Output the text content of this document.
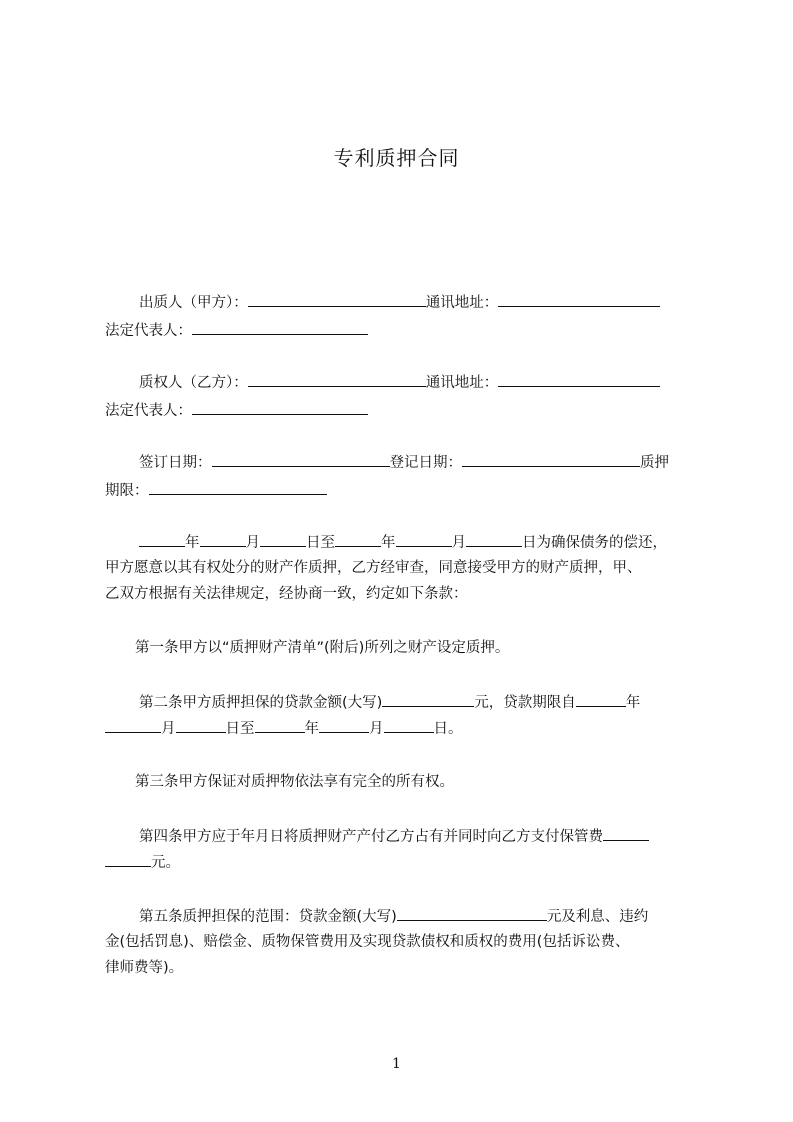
专利质押合同
出质人（甲方）：	通讯地址：
法定代表人：
质权人（乙方）：	通讯地址：
法定代表人：
签订日期：	登记日期：	质押
期限：
年	月	日至	年	月	日为确保债务的偿还，
甲方愿意以其有权处分的财产作质押，乙方经审查，同意接受甲方的财产质押，甲、
乙双方根据有关法律规定，经协商一致，约定如下条款：
第一条甲方以“质押财产清单”(附后)所列之财产设定质押。
第二条甲方质押担保的贷款金额(大写)	元，贷款期限自	年
月	日至	年	月	日。
第三条甲方保证对质押物依法享有完全的所有权。
第四条甲方应于年月日将质押财产产付乙方占有并同时向乙方支付保管费
元。
第五条质押担保的范围：贷款金额(大写)	元及利息、违约
金(包括罚息)、赔偿金、质物保管费用及实现贷款债权和质权的费用(包括诉讼费、
律师费等)。
1
